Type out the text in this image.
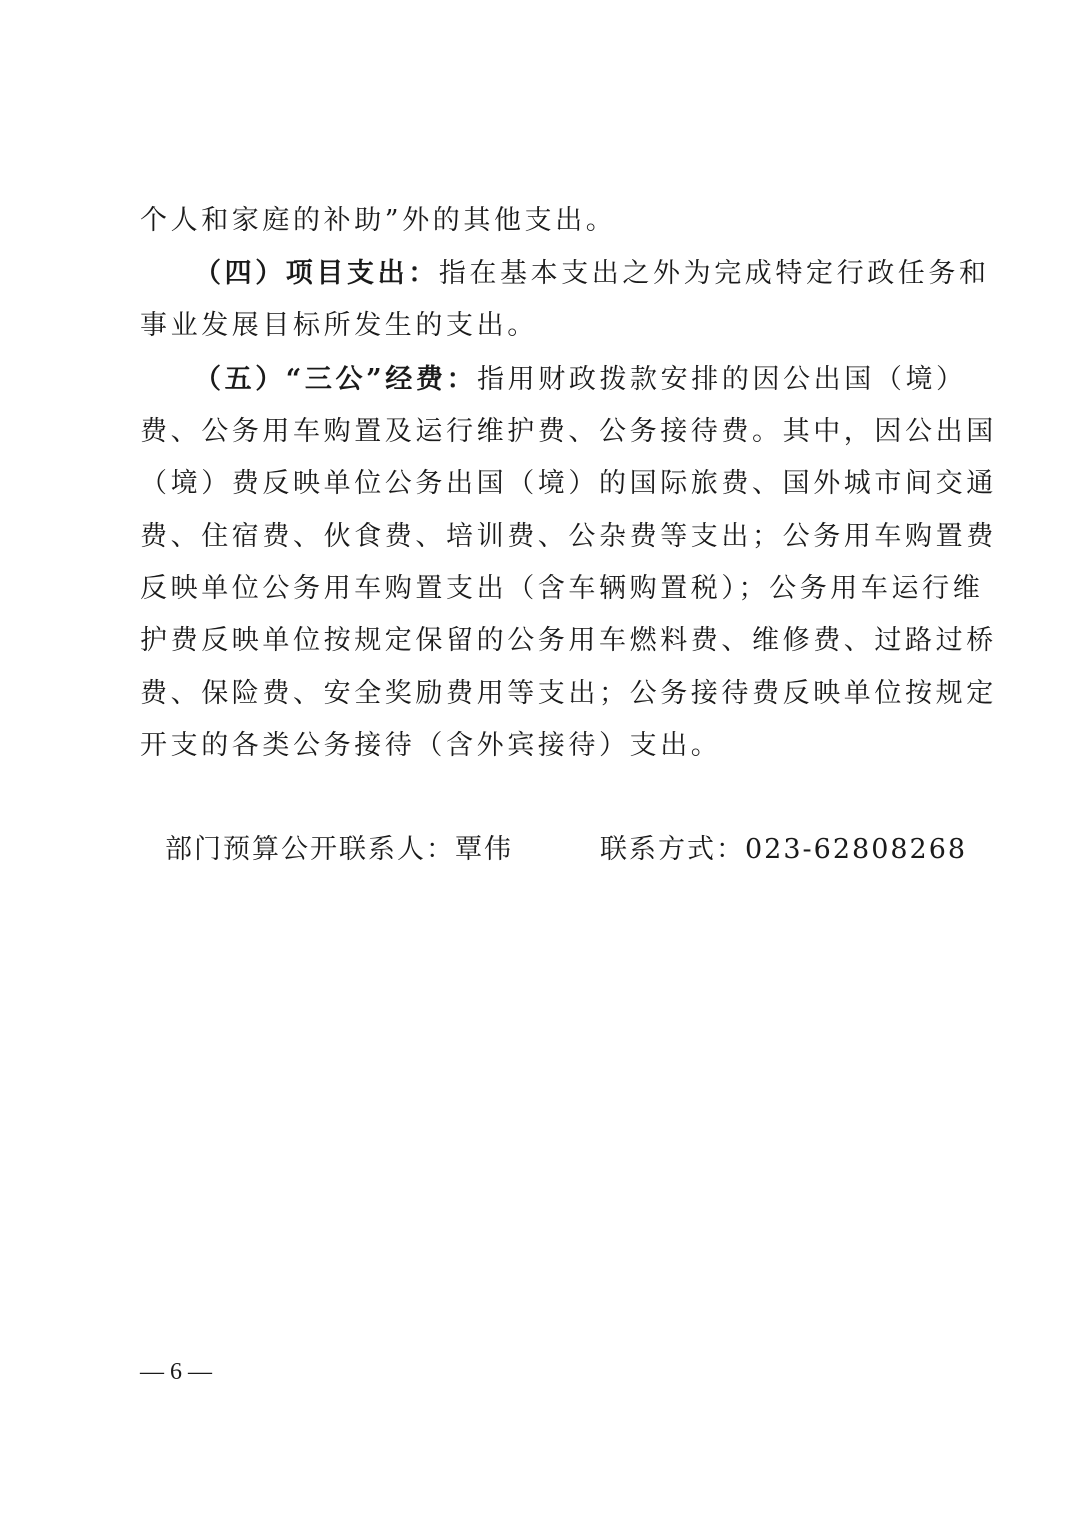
个人和家庭的补助”外的其他支出。
（四）项目支出：指在基本支出之外为完成特定行政任务和
事业发展目标所发生的支出。
（五）“三公”经费：指用财政拨款安排的因公出国（境）
费、公务用车购置及运行维护费、公务接待费。其中，因公出国
（境）费反映单位公务出国（境）的国际旅费、国外城市间交通
费、住宿费、伙食费、培训费、公杂费等支出；公务用车购置费
反映单位公务用车购置支出（含车辆购置税）；公务用车运行维
护费反映单位按规定保留的公务用车燃料费、维修费、过路过桥
费、保险费、安全奖励费用等支出；公务接待费反映单位按规定
开支的各类公务接待（含外宾接待）支出。
部门预算公开联系人：覃伟	联系方式：023-62808268
— 6 —
